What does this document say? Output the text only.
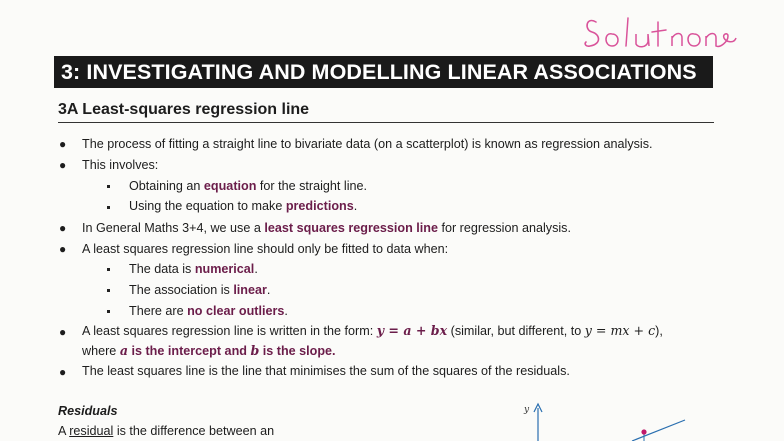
Solutions
3: INVESTIGATING AND MODELLING LINEAR ASSOCIATIONS
3A Least-squares regression line
● The process of fitting a straight line to bivariate data (on a scatterplot) is known as regression analysis.
● This involves:
Obtaining an equation for the straight line.
Using the equation to make predictions.
● In General Maths 3+4, we use a least squares regression line for regression analysis.
● A least squares regression line should only be fitted to data when:
The data is numerical.
The association is linear.
There are no clear outliers.
● A least squares regression line is written in the form: y = a + bx (similar, but different, to y = mx + c),
where a is the intercept and b is the slope.
● The least squares line is the line that minimises the sum of the squares of the residuals.
Residuals
A residual is the difference between an
y
